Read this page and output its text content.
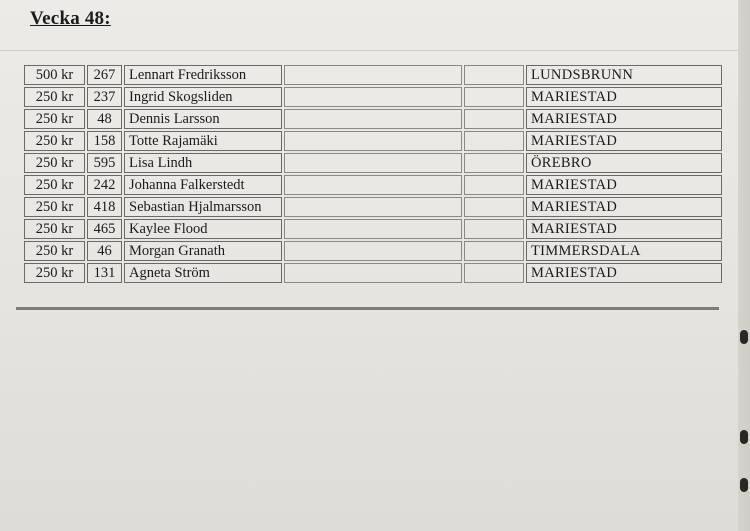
Vecka 48:
500 kr	267	Lennart Fredriksson			LUNDSBRUNN
250 kr	237	Ingrid Skogsliden			MARIESTAD
250 kr	48	Dennis Larsson			MARIESTAD
250 kr	158	Totte Rajamäki			MARIESTAD
250 kr	595	Lisa Lindh			ÖREBRO
250 kr	242	Johanna Falkerstedt			MARIESTAD
250 kr	418	Sebastian Hjalmarsson			MARIESTAD
250 kr	465	Kaylee Flood			MARIESTAD
250 kr	46	Morgan Granath			TIMMERSDALA
250 kr	131	Agneta Ström			MARIESTAD
